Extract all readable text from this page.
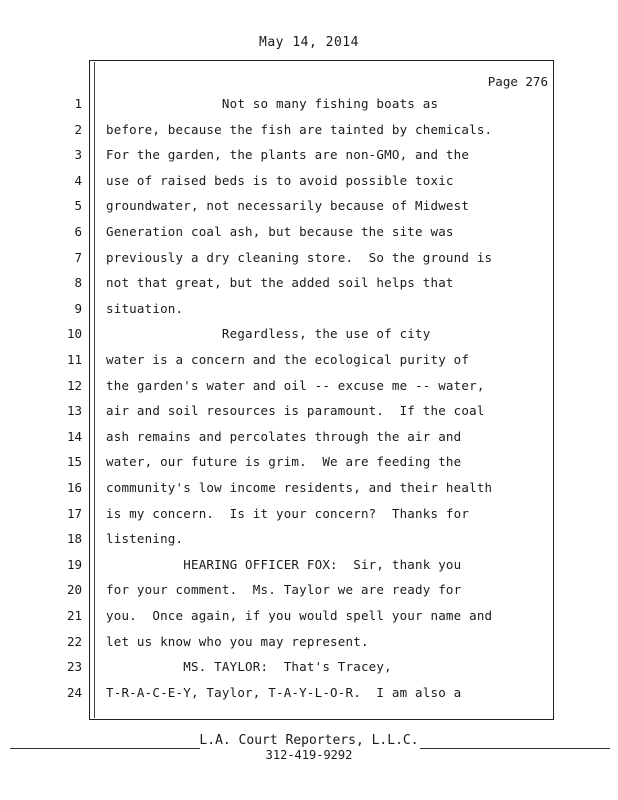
May 14, 2014
Page 276
1 Not so many fishing boats as
2 before, because the fish are tainted by chemicals.
3 For the garden, the plants are non-GMO, and the
4 use of raised beds is to avoid possible toxic
5 groundwater, not necessarily because of Midwest
6 Generation coal ash, but because the site was
7 previously a dry cleaning store.  So the ground is
8 not that great, but the added soil helps that
9 situation.
10 Regardless, the use of city
11 water is a concern and the ecological purity of
12 the garden's water and oil -- excuse me -- water,
13 air and soil resources is paramount.  If the coal
14 ash remains and percolates through the air and
15 water, our future is grim.  We are feeding the
16 community's low income residents, and their health
17 is my concern.  Is it your concern?  Thanks for
18 listening.
19 HEARING OFFICER FOX:  Sir, thank you
20 for your comment.  Ms. Taylor we are ready for
21 you.  Once again, if you would spell your name and
22 let us know who you may represent.
23 MS. TAYLOR:  That's Tracey,
24 T-R-A-C-E-Y, Taylor, T-A-Y-L-O-R.  I am also a
L.A. Court Reporters, L.L.C.
312-419-9292
